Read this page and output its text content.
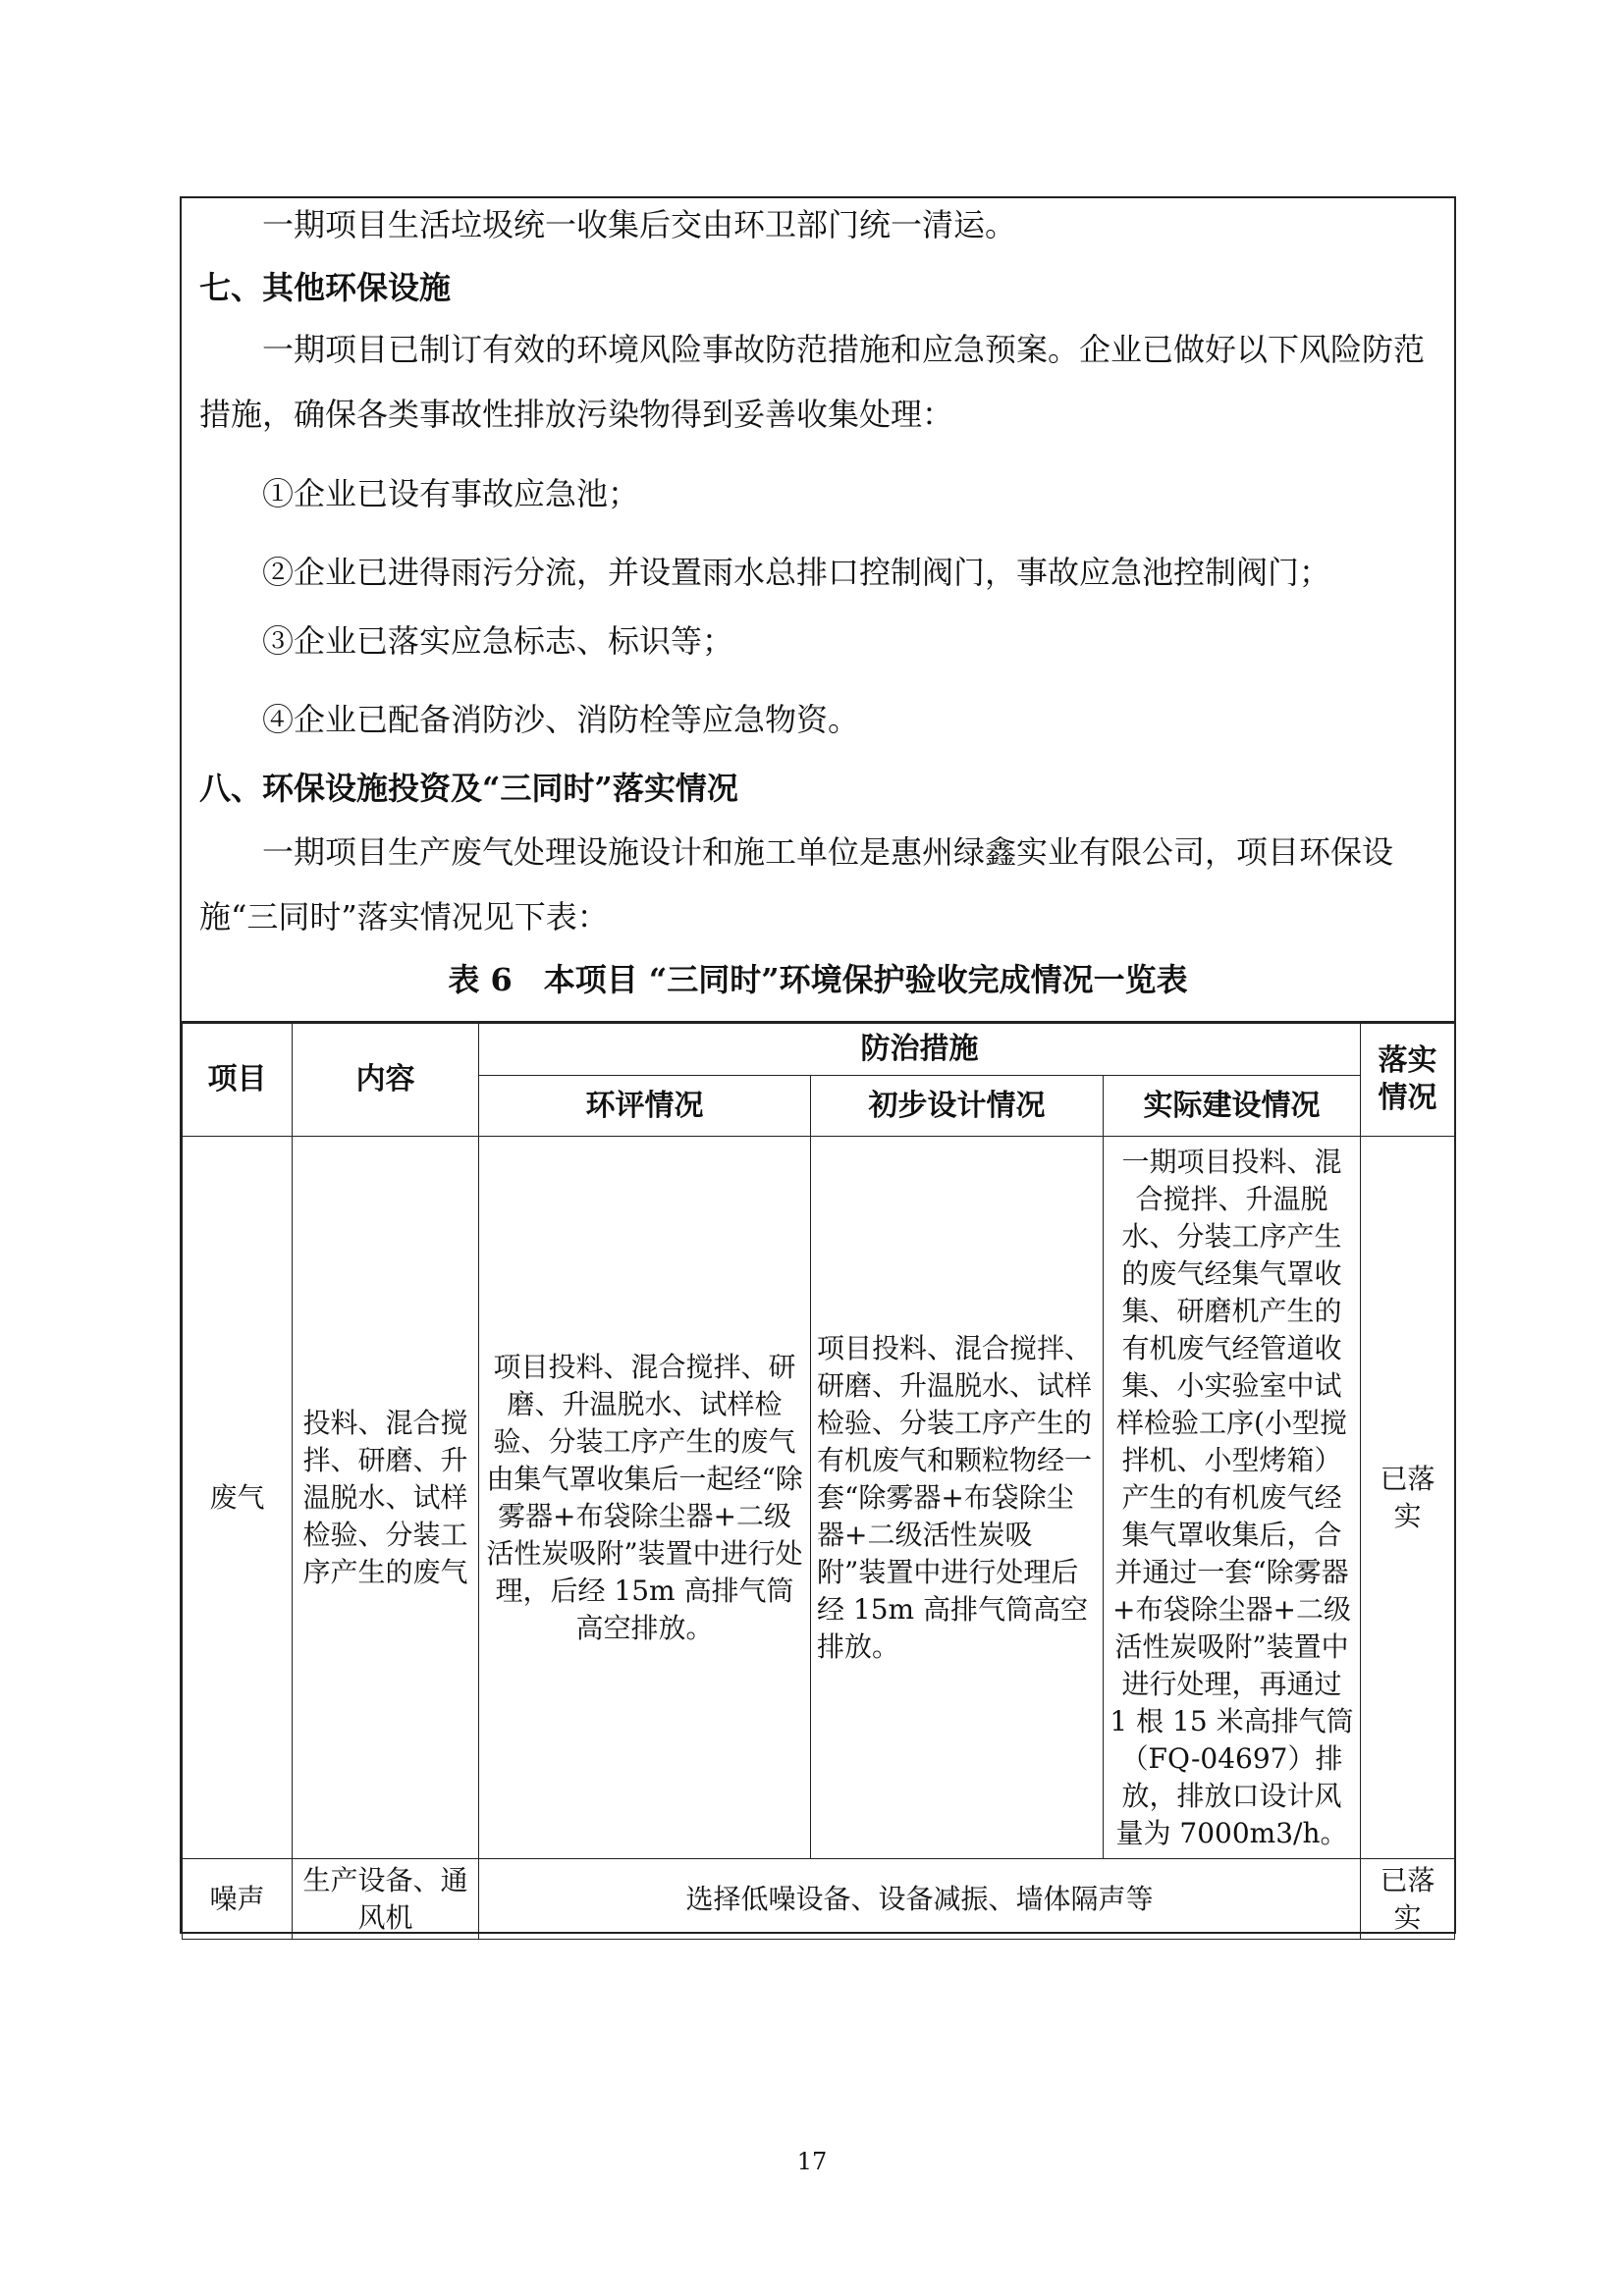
一期项目生活垃圾统一收集后交由环卫部门统一清运。

七、其他环保设施

一期项目已制订有效的环境风险事故防范措施和应急预案。企业已做好以下风险防范措施，确保各类事故性排放污染物得到妥善收集处理：

①企业已设有事故应急池；

②企业已进得雨污分流，并设置雨水总排口控制阀门，事故应急池控制阀门；

③企业已落实应急标志、标识等；

④企业已配备消防沙、消防栓等应急物资。

八、环保设施投资及“三同时”落实情况

一期项目生产废气处理设施设计和施工单位是惠州绿鑫实业有限公司，项目环保设施“三同时”落实情况见下表：

表 6　本项目 “三同时”环境保护验收完成情况一览表

项目	内容	防治措施			落实情况
		环评情况	初步设计情况	实际建设情况	
废气	投料、混合搅拌、研磨、升温脱水、试样检验、分装工序产生的废气	项目投料、混合搅拌、研磨、升温脱水、试样检验、分装工序产生的废气由集气罩收集后一起经“除雾器+布袋除尘器+二级活性炭吸附”装置中进行处理，后经 15m 高排气筒高空排放。	项目投料、混合搅拌、研磨、升温脱水、试样检验、分装工序产生的有机废气和颗粒物经一套“除雾器+布袋除尘器+二级活性炭吸附”装置中进行处理后经 15m 高排气筒高空排放。	一期项目投料、混合搅拌、升温脱水、分装工序产生的废气经集气罩收集、研磨机产生的有机废气经管道收集、小实验室中试样检验工序(小型搅拌机、小型烤箱）产生的有机废气经集气罩收集后，合并通过一套“除雾器+布袋除尘器+二级活性炭吸附”装置中进行处理，再通过 1 根 15 米高排气筒（FQ-04697）排放，排放口设计风量为 7000m3/h。	已落实
噪声	生产设备、通风机	选择低噪设备、设备减振、墙体隔声等			已落实

17
